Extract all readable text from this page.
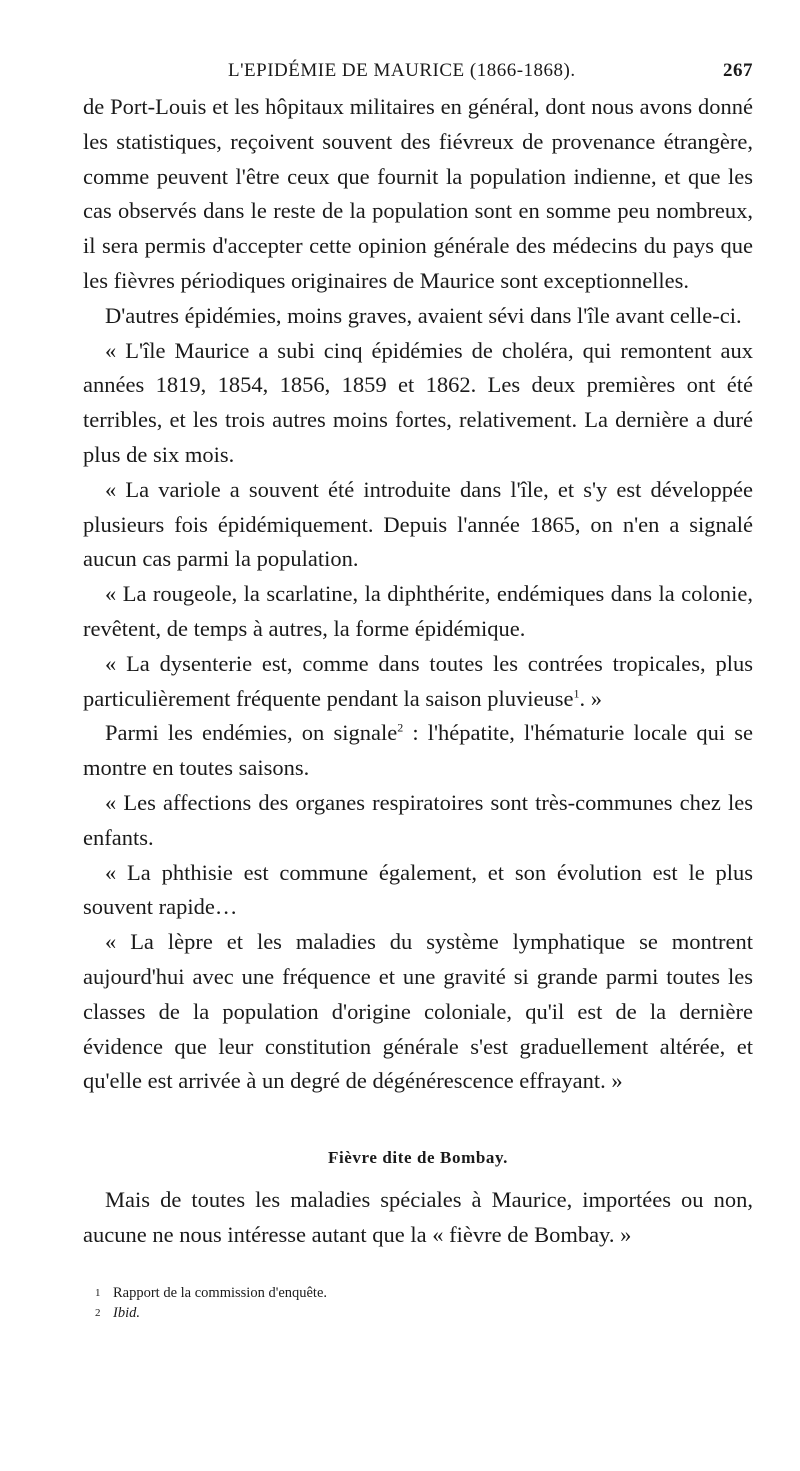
L'EPIDÉMIE DE MAURICE (1866-1868).	267

de Port-Louis et les hôpitaux militaires en général, dont nous avons donné les statistiques, reçoivent souvent des fiévreux de provenance étrangère, comme peuvent l'être ceux que fournit la population indienne, et que les cas observés dans le reste de la population sont en somme peu nombreux, il sera permis d'accepter cette opinion générale des médecins du pays que les fièvres périodiques originaires de Maurice sont exceptionnelles.

D'autres épidémies, moins graves, avaient sévi dans l'île avant celle-ci.

« L'île Maurice a subi cinq épidémies de choléra, qui remontent aux années 1819, 1854, 1856, 1859 et 1862. Les deux premières ont été terribles, et les trois autres moins fortes, relativement. La dernière a duré plus de six mois.

« La variole a souvent été introduite dans l'île, et s'y est développée plusieurs fois épidémiquement. Depuis l'année 1865, on n'en a signalé aucun cas parmi la population.

« La rougeole, la scarlatine, la diphthérite, endémiques dans la colonie, revêtent, de temps à autres, la forme épidémique.

« La dysenterie est, comme dans toutes les contrées tropicales, plus particulièrement fréquente pendant la saison pluvieuse$^1$. »

Parmi les endémies, on signale$^2$ : l'hépatite, l'hématurie locale qui se montre en toutes saisons.

« Les affections des organes respiratoires sont très-communes chez les enfants.

« La phthisie est commune également, et son évolution est le plus souvent rapide…

« La lèpre et les maladies du système lymphatique se montrent aujourd'hui avec une fréquence et une gravité si grande parmi toutes les classes de la population d'origine coloniale, qu'il est de la dernière évidence que leur constitution générale s'est graduellement altérée, et qu'elle est arrivée à un degré de dégénérescence effrayant. »

Fièvre dite de Bombay.

Mais de toutes les maladies spéciales à Maurice, importées ou non, aucune ne nous intéresse autant que la « fièvre de Bombay. »

1 Rapport de la commission d'enquête.
2 Ibid.
